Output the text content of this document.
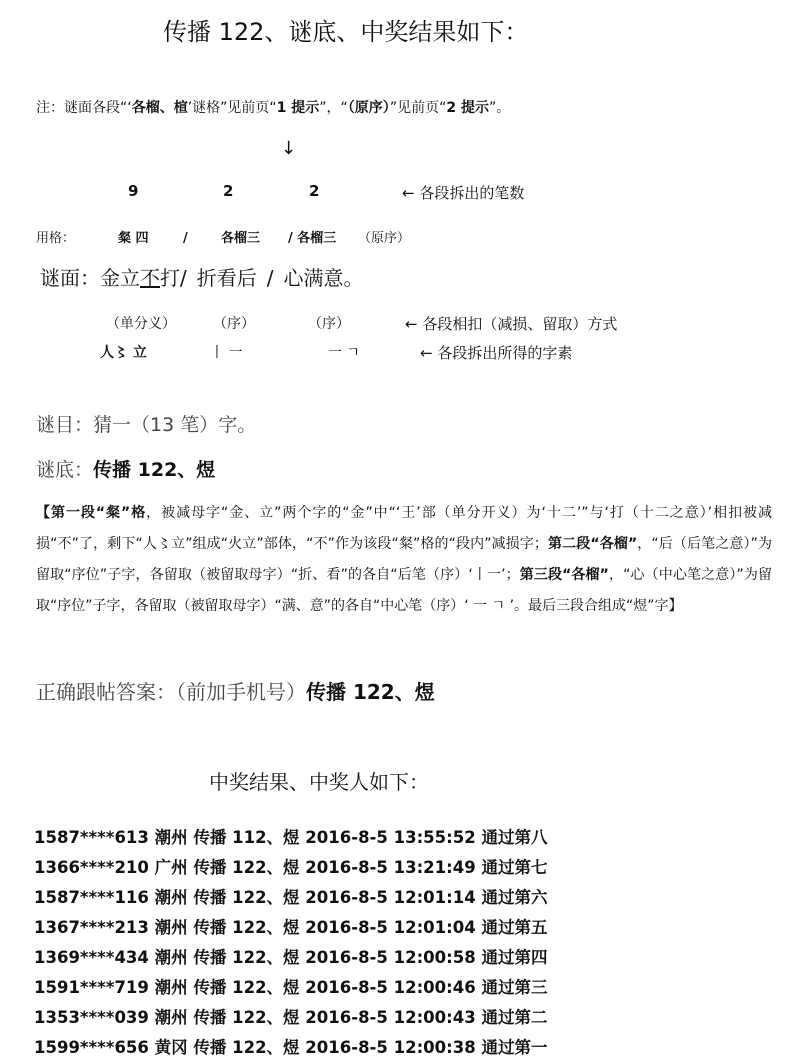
传播 122、谜底、中奖结果如下：
注：谜面各段“‘各榴、楦’谜格”见前页“1 提示”，“（原序）”见前页“2 提示”。
↓
9	2	2	← 各段拆出的笔数
用格：	粲 四	/	各榴三 / 各榴三 （原序）
谜面：金立不打/ 折看后 / 心满意。
（单分义）	（序）	（序）	← 各段相扣（减损、留取）方式
人〻 立	丨 一	一 ㄱ	← 各段拆出所得的字素
谜目：猜一（13 笔）字。
谜底：传播 122、煜
【第一段“粲”格，被减母字“金、立”两个字的“金”中“‘王’部（单分开义）为‘十二’”与‘打（十二之意）’相扣被减损“不”了，剩下“人〻立”组成“火立”部体，“不”作为该段“粲”格的“段内”减损字；第二段“各榴”，“后（后笔之意）”为留取“序位”子字，各留取（被留取母字）“折、看”的各自“后笔（序）‘丨一’；第三段“各榴”，“心（中心笔之意）”为留取“序位”子字，各留取（被留取母字）“满、意”的各自“中心笔（序）‘ 一 ㄱ ’。最后三段合组成“煜”字】
正确跟帖答案：（前加手机号）传播 122、煜
中奖结果、中奖人如下：
1587****613 潮州 传播 112、煜 2016-8-5 13:55:52 通过第八
1366****210 广州 传播 122、煜 2016-8-5 13:21:49 通过第七
1587****116 潮州 传播 122、煜 2016-8-5 12:01:14 通过第六
1367****213 潮州 传播 122、煜 2016-8-5 12:01:04 通过第五
1369****434 潮州 传播 122、煜 2016-8-5 12:00:58 通过第四
1591****719 潮州 传播 122、煜 2016-8-5 12:00:46 通过第三
1353****039 潮州 传播 122、煜 2016-8-5 12:00:43 通过第二
1599****656 黄冈 传播 122、煜 2016-8-5 12:00:38 通过第一
